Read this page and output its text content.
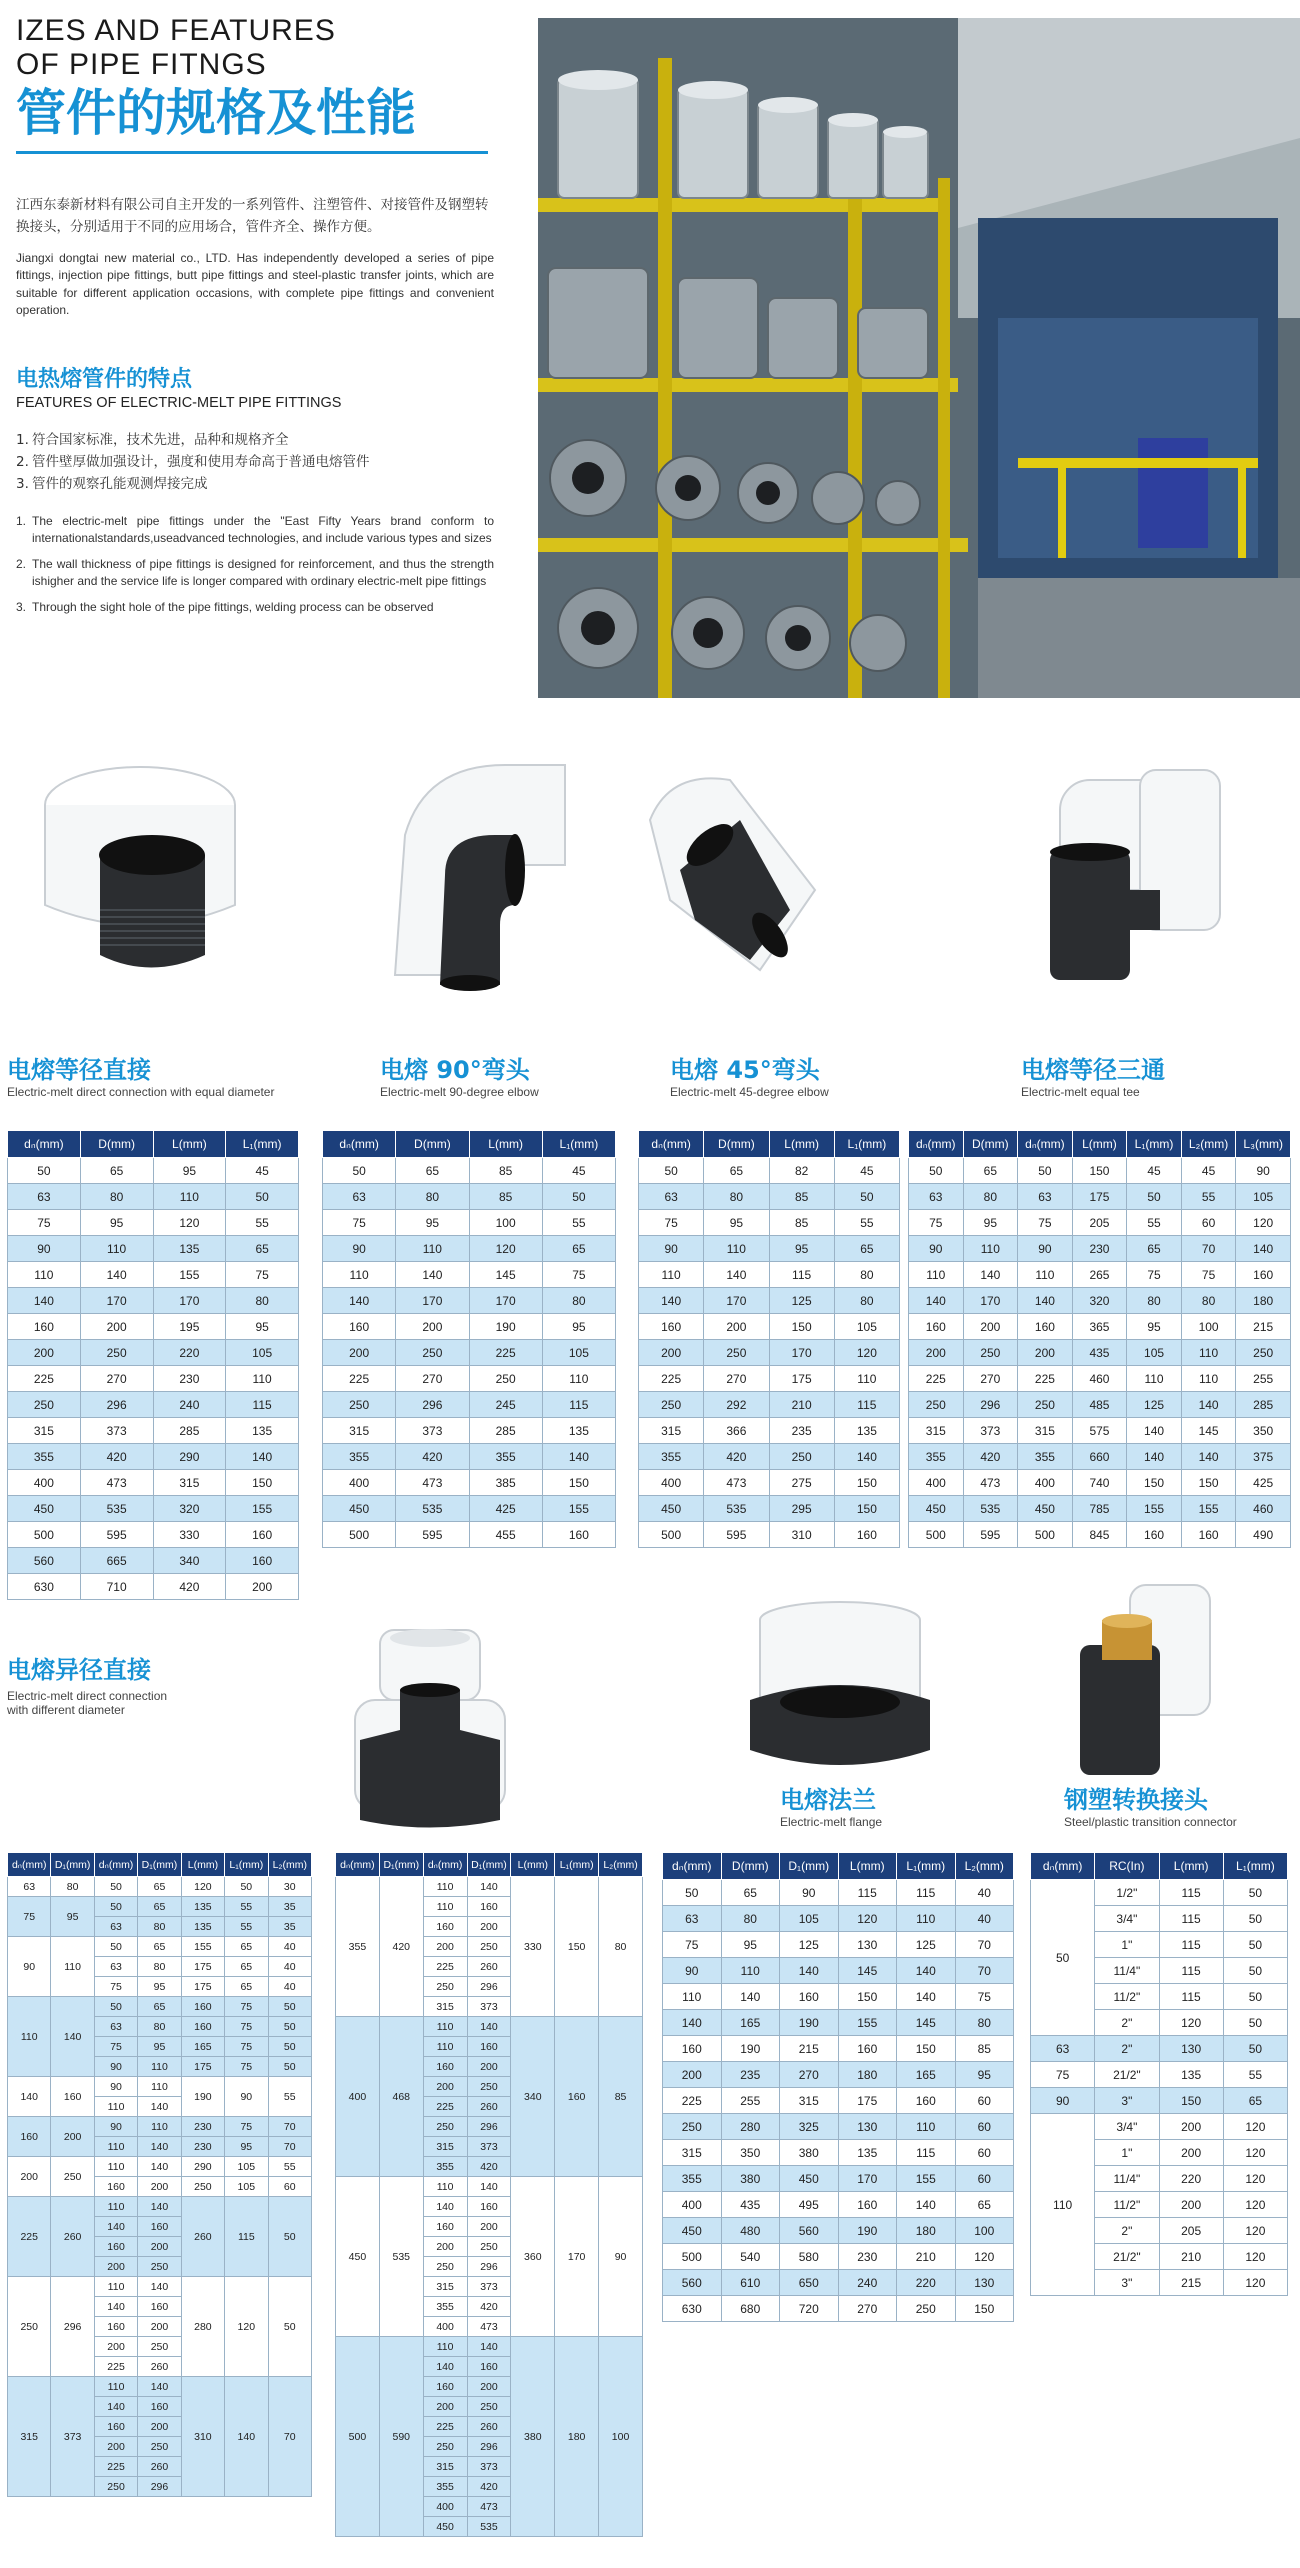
IZES AND FEATURES
OF PIPE FITNGS
管件的规格及性能
江西东泰新材料有限公司自主开发的一系列管件、注塑管件、对接管件及钢塑转换接头，分别适用于不同的应用场合，管件齐全、操作方便。
Jiangxi dongtai new material co., LTD. Has independently developed a series of pipe fittings, injection pipe fittings, butt pipe fittings and steel-plastic transfer joints, which are suitable for different application occasions, with complete pipe fittings and convenient operation.
电热熔管件的特点
FEATURES OF ELECTRIC-MELT PIPE FITTINGS
1. 符合国家标准，技术先进，品种和规格齐全
2. 管件壁厚做加强设计，强度和使用寿命高于普通电熔管件
3. 管件的观察孔能观测焊接完成
1. The electric-melt pipe fittings under the "East Fifty Years brand conform to internationalstandards,useadvanced technologies, and include various types and sizes
2. The wall thickness of pipe fittings is designed for reinforcement, and thus the strength ishigher and the service life is longer compared with ordinary electric-melt pipe fittings
3. Through the sight hole of the pipe fittings, welding process can be observed
电熔等径直接
Electric-melt direct connection with equal diameter
电熔 90°弯头
Electric-melt 90-degree elbow
电熔 45°弯头
Electric-melt 45-degree elbow
电熔等径三通
Electric-melt equal tee
dₙ(mm)	D(mm)	L(mm)	L₁(mm)
50	65	95	45
63	80	110	50
75	95	120	55
90	110	135	65
110	140	155	75
140	170	170	80
160	200	195	95
200	250	220	105
225	270	230	110
250	296	240	115
315	373	285	135
355	420	290	140
400	473	315	150
450	535	320	155
500	595	330	160
560	665	340	160
630	710	420	200
dₙ(mm)	D(mm)	L(mm)	L₁(mm)
50	65	85	45
63	80	85	50
75	95	100	55
90	110	120	65
110	140	145	75
140	170	170	80
160	200	190	95
200	250	225	105
225	270	250	110
250	296	245	115
315	373	285	135
355	420	355	140
400	473	385	150
450	535	425	155
500	595	455	160
dₙ(mm)	D(mm)	L(mm)	L₁(mm)
50	65	82	45
63	80	85	50
75	95	85	55
90	110	95	65
110	140	115	80
140	170	125	80
160	200	150	105
200	250	170	120
225	270	175	110
250	292	210	115
315	366	235	135
355	420	250	140
400	473	275	150
450	535	295	150
500	595	310	160
dₙ(mm)	D(mm)	dₙ(mm)	L(mm)	L₁(mm)	L₂(mm)	L₃(mm)
50	65	50	150	45	45	90
63	80	63	175	50	55	105
75	95	75	205	55	60	120
90	110	90	230	65	70	140
110	140	110	265	75	75	160
140	170	140	320	80	80	180
160	200	160	365	95	100	215
200	250	200	435	105	110	250
225	270	225	460	110	110	255
250	296	250	485	125	140	285
315	373	315	575	140	145	350
355	420	355	660	140	140	375
400	473	400	740	150	150	425
450	535	450	785	155	155	460
500	595	500	845	160	160	490
电熔异径直接
Electric-melt direct connection
with different diameter
电熔法兰
Electric-melt flange
钢塑转换接头
Steel/plastic transition connector
dₙ(mm)	D₁(mm)	dₙ(mm)	D₁(mm)	L(mm)	L₁(mm)	L₂(mm)
63	80	50	65	120	50	30
75	95	50	65	135	55	35
		63	80	135	55	35
90	110	50	65	155	65	40
		63	80	175	65	40
		75	95	175	65	40
110	140	50	65	160	75	50
		63	80	160	75	50
		75	95	165	75	50
		90	110	175	75	50
140	160	90	110	190	90	55
		110	140			
160	200	90	110	230	75	70
		110	140	230	95	70
200	250	110	140	290	105	55
		160	200	250	105	60
225	260	110	140	260	115	50
		140	160			
		160	200			
		200	250			
250	296	110	140	280	120	50
		140	160			
		160	200			
		200	250			
		225	260			
315	373	110	140	310	140	70
		140	160			
		160	200			
		200	250			
		225	260			
		250	296			
dₙ(mm)	D₁(mm)	dₙ(mm)	D₁(mm)	L(mm)	L₁(mm)	L₂(mm)
355	420	110	140	330	150	80
		110	160			
		160	200			
		200	250			
		225	260			
		250	296			
		315	373			
400	468	110	140	340	160	85
		110	160			
		160	200			
		200	250			
		225	260			
		250	296			
		315	373			
		355	420			
450	535	110	140	360	170	90
		140	160			
		160	200			
		200	250			
		250	296			
		315	373			
		355	420			
		400	473			
500	590	110	140	380	180	100
		140	160			
		160	200			
		200	250			
		225	260			
		250	296			
		315	373			
		355	420			
		400	473			
		450	535			
dₙ(mm)	D(mm)	D₁(mm)	L(mm)	L₁(mm)	L₂(mm)
50	65	90	115	115	40
63	80	105	120	110	40
75	95	125	130	125	70
90	110	140	145	140	70
110	140	160	150	140	75
140	165	190	155	145	80
160	190	215	160	150	85
200	235	270	180	165	95
225	255	315	175	160	60
250	280	325	130	110	60
315	350	380	135	115	60
355	380	450	170	155	60
400	435	495	160	140	65
450	480	560	190	180	100
500	540	580	230	210	120
560	610	650	240	220	130
630	680	720	270	250	150
dₙ(mm)	RC(In)	L(mm)	L₁(mm)
50	1/2"	115	50
	3/4"	115	50
	1"	115	50
	11/4"	115	50
	11/2"	115	50
	2"	120	50
63	2"	130	50
75	21/2"	135	55
90	3"	150	65
110	3/4"	200	120
	1"	200	120
	11/4"	220	120
	11/2"	200	120
	2"	205	120
	21/2"	210	120
	3"	215	120
